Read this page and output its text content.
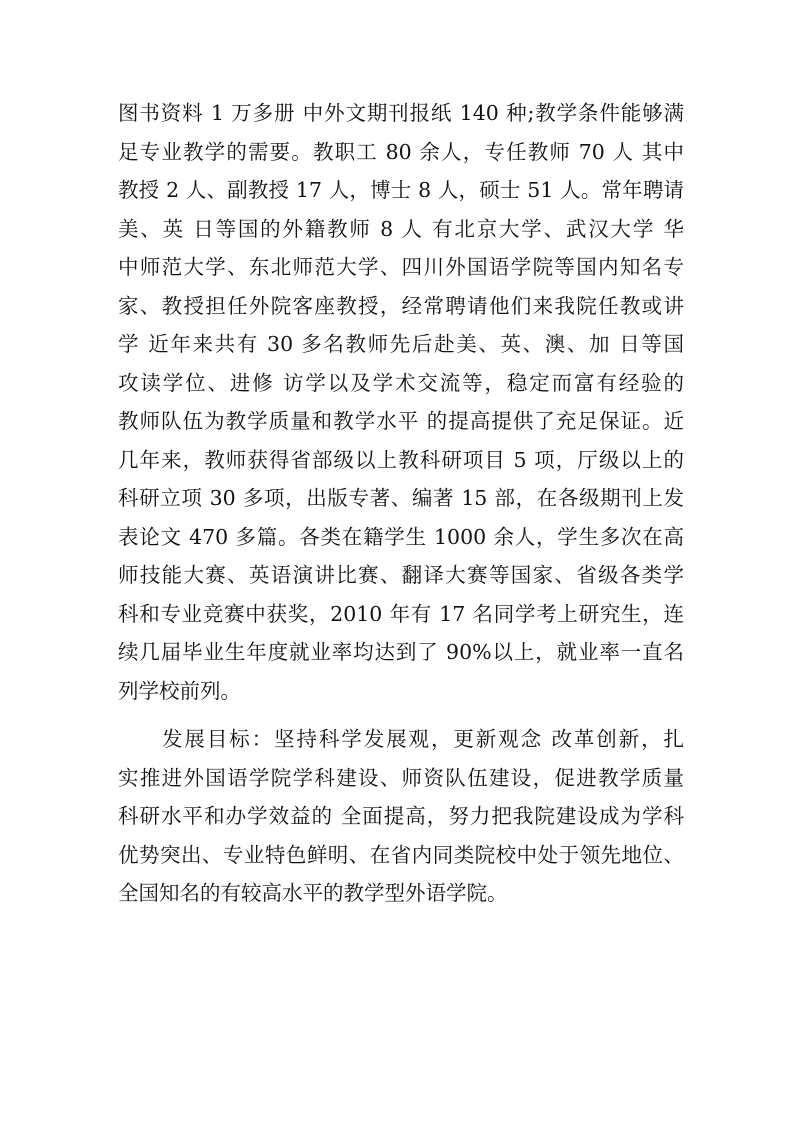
图书资料 1 万多册 中外文期刊报纸 140 种;教学条件能够满
足专业教学的需要。教职工 80 余人，专任教师 70 人 其中
教授 2 人、副教授 17 人，博士 8 人，硕士 51 人。常年聘请
美、英 日等国的外籍教师 8 人 有北京大学、武汉大学 华
中师范大学、东北师范大学、四川外国语学院等国内知名专
家、教授担任外院客座教授，经常聘请他们来我院任教或讲
学 近年来共有 30 多名教师先后赴美、英、澳、加 日等国
攻读学位、进修 访学以及学术交流等，稳定而富有经验的
教师队伍为教学质量和教学水平 的提高提供了充足保证。近
几年来，教师获得省部级以上教科研项目 5 项，厅级以上的
科研立项 30 多项，出版专著、编著 15 部，在各级期刊上发
表论文 470 多篇。各类在籍学生 1000 余人，学生多次在高
师技能大赛、英语演讲比赛、翻译大赛等国家、省级各类学
科和专业竞赛中获奖，2010 年有 17 名同学考上研究生，连
续几届毕业生年度就业率均达到了 90%以上，就业率一直名
列学校前列。
发展目标：坚持科学发展观，更新观念 改革创新，扎
实推进外国语学院学科建设、师资队伍建设，促进教学质量
科研水平和办学效益的 全面提高，努力把我院建设成为学科
优势突出、专业特色鲜明、在省内同类院校中处于领先地位、
全国知名的有较高水平的教学型外语学院。
